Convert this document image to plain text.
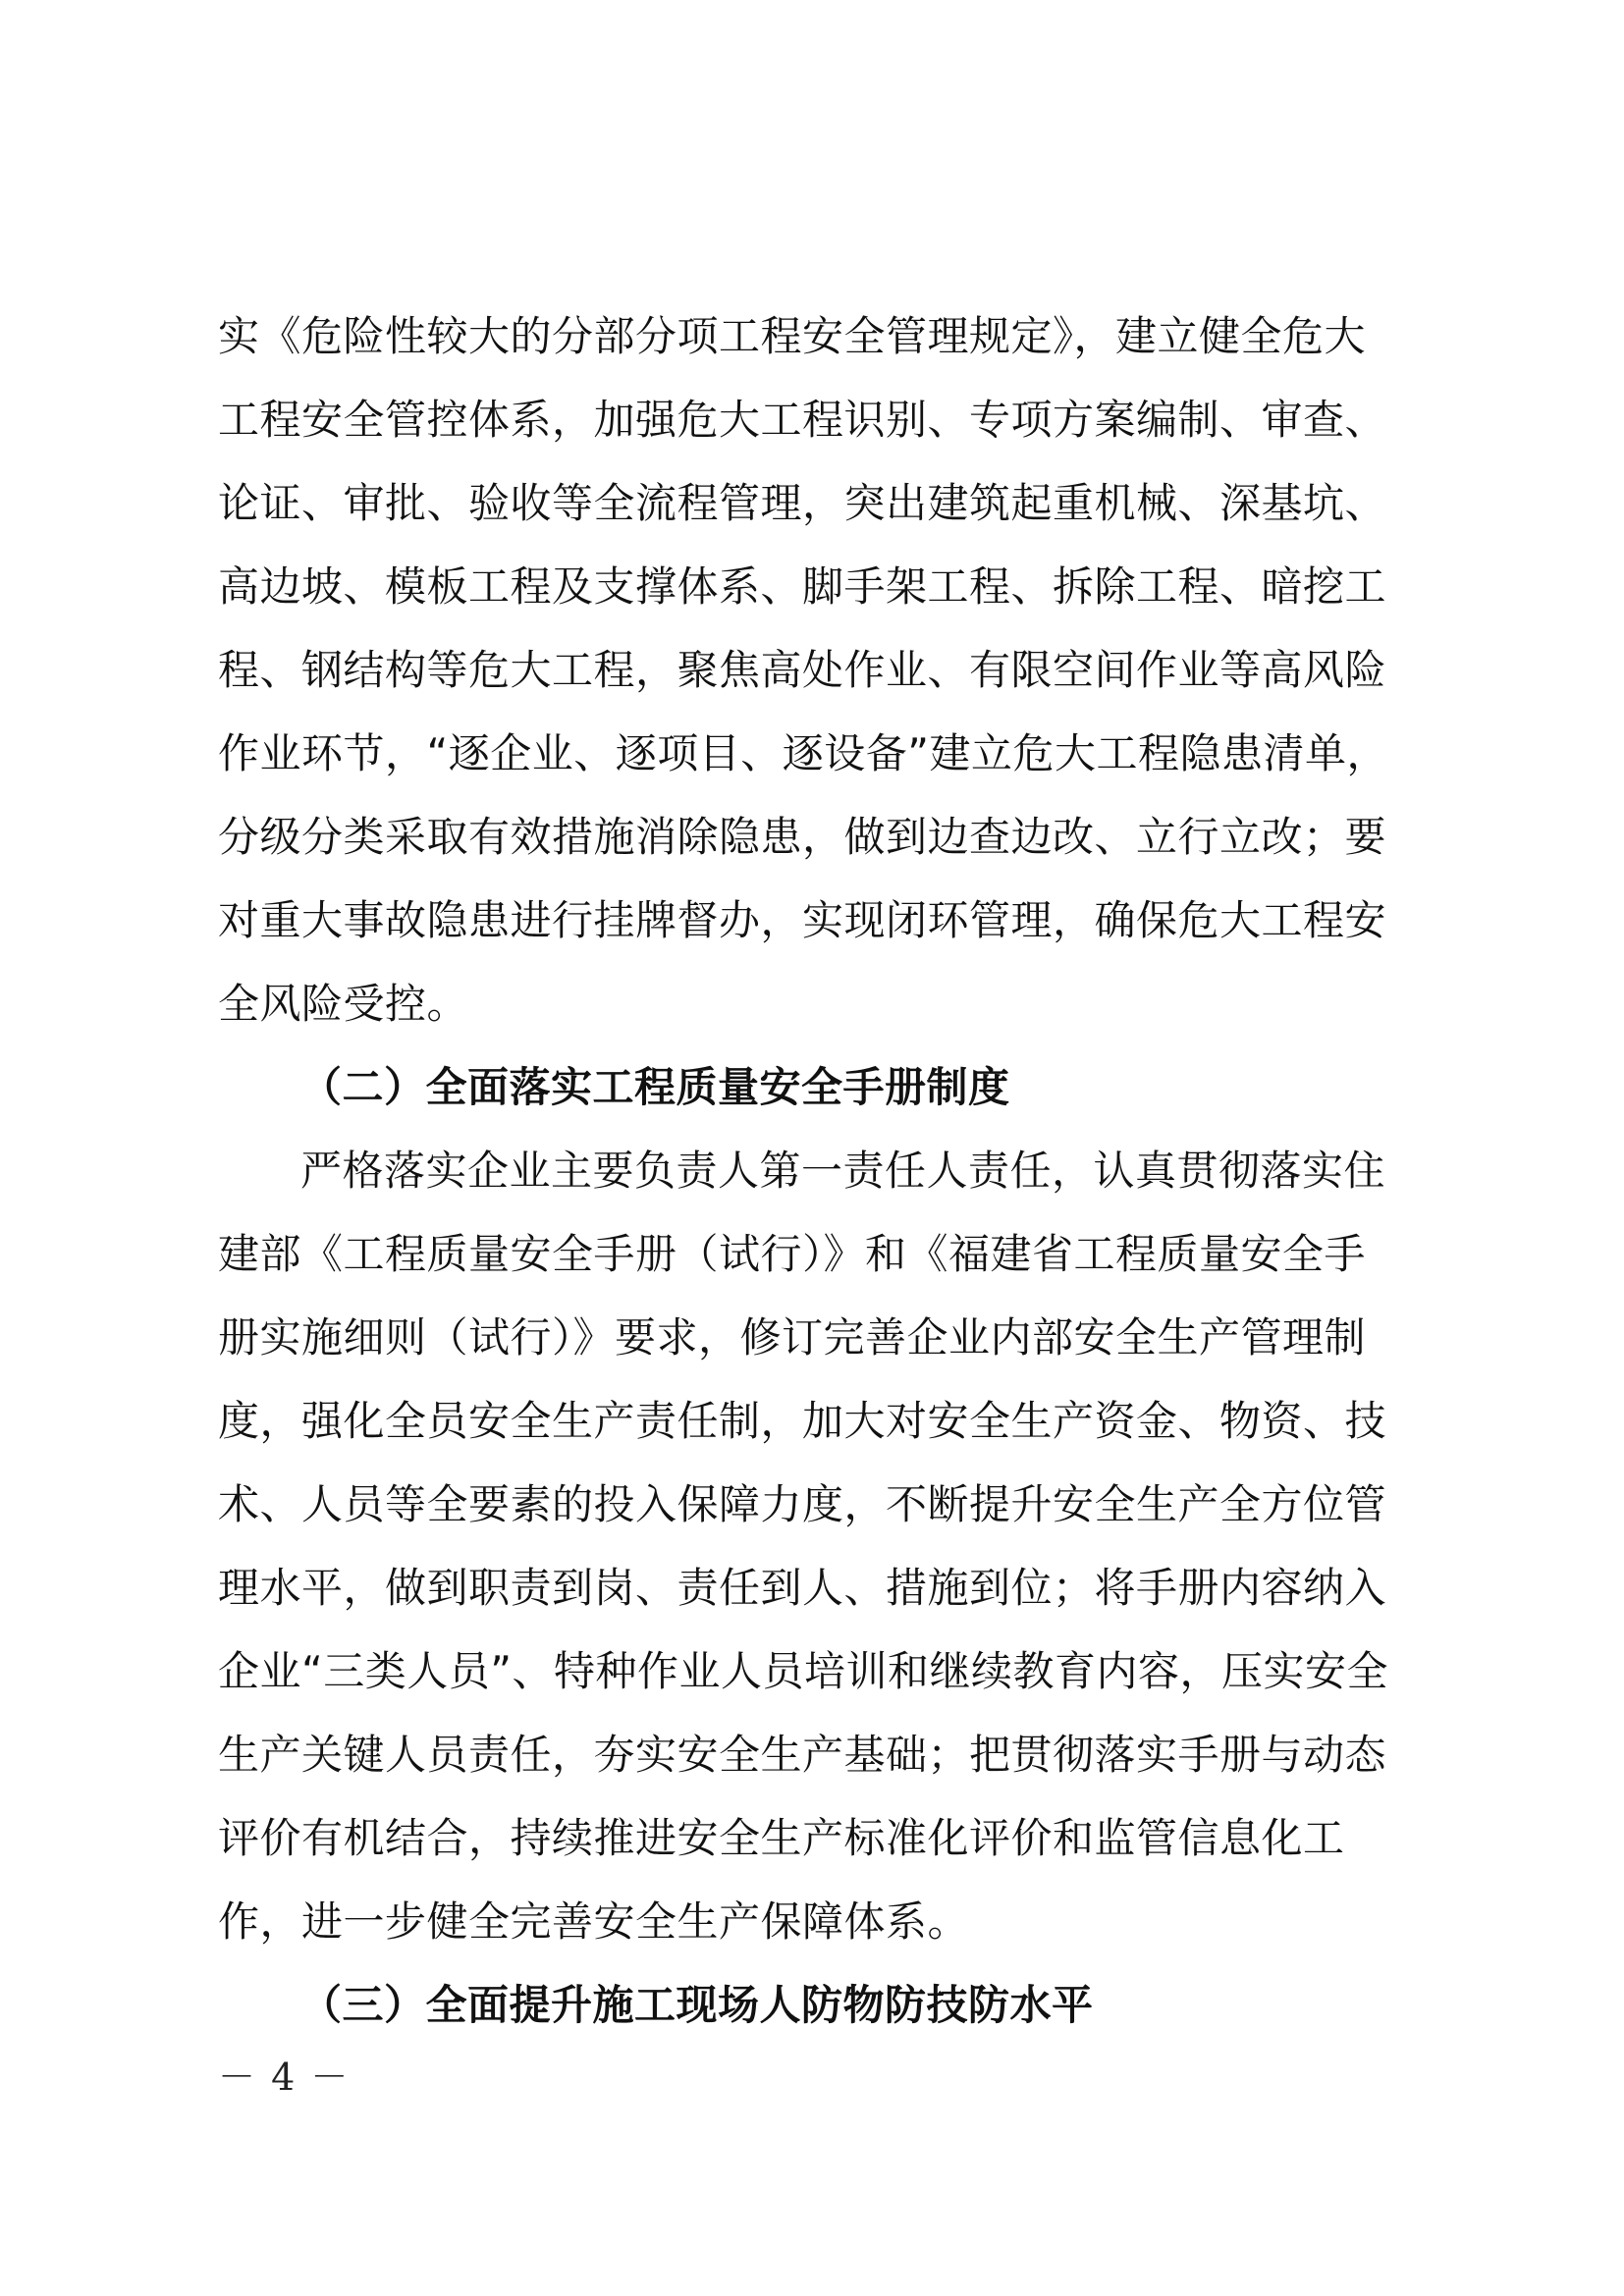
实《危险性较大的分部分项工程安全管理规定》，建立健全危大
工程安全管控体系，加强危大工程识别、专项方案编制、审查、
论证、审批、验收等全流程管理，突出建筑起重机械、深基坑、
高边坡、模板工程及支撑体系、脚手架工程、拆除工程、暗挖工
程、钢结构等危大工程，聚焦高处作业、有限空间作业等高风险
作业环节，“逐企业、逐项目、逐设备”建立危大工程隐患清单，
分级分类采取有效措施消除隐患，做到边查边改、立行立改；要
对重大事故隐患进行挂牌督办，实现闭环管理，确保危大工程安
全风险受控。
（二）全面落实工程质量安全手册制度
严格落实企业主要负责人第一责任人责任，认真贯彻落实住
建部《工程质量安全手册（试行）》和《福建省工程质量安全手
册实施细则（试行）》要求，修订完善企业内部安全生产管理制
度，强化全员安全生产责任制，加大对安全生产资金、物资、技
术、人员等全要素的投入保障力度，不断提升安全生产全方位管
理水平，做到职责到岗、责任到人、措施到位；将手册内容纳入
企业“三类人员”、特种作业人员培训和继续教育内容，压实安全
生产关键人员责任，夯实安全生产基础；把贯彻落实手册与动态
评价有机结合，持续推进安全生产标准化评价和监管信息化工
作，进一步健全完善安全生产保障体系。
（三）全面提升施工现场人防物防技防水平
－ 4 －
